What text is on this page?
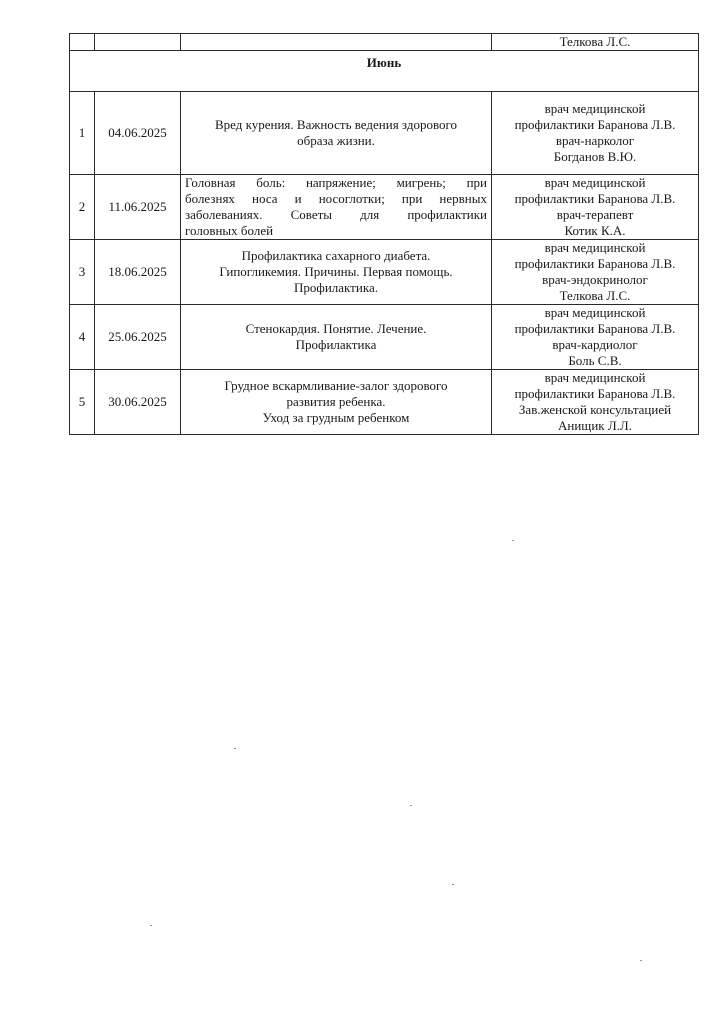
			Телкова Л.С.
Июнь			
1	04.06.2025	Вред курения. Важность ведения здорового
образа жизни.	врач медицинской
профилактики Баранова Л.В.
врач-нарколог
Богданов В.Ю.

2	11.06.2025	Головная боль: напряжение; мигрень; при
болезнях носа и носоглотки; при нервных
заболеваниях. Советы для профилактики
головных болей	врач медицинской
профилактики Баранова Л.В.
врач-терапевт
Котик К.А.

3	18.06.2025	Профилактика сахарного диабета.
Гипогликемия. Причины. Первая помощь.
Профилактика.	врач медицинской
профилактики Баранова Л.В.
врач-эндокринолог
Телкова Л.С.

4	25.06.2025	Стенокардия. Понятие. Лечение.
Профилактика	врач медицинской
профилактики Баранова Л.В.
врач-кардиолог
Боль С.В.

5	30.06.2025	Грудное вскармливание-залог здорового
развития ребенка.
Уход за грудным ребенком	врач медицинской
профилактики Баранова Л.В.
Зав.женской консультацией
Анищик Л.Л.
